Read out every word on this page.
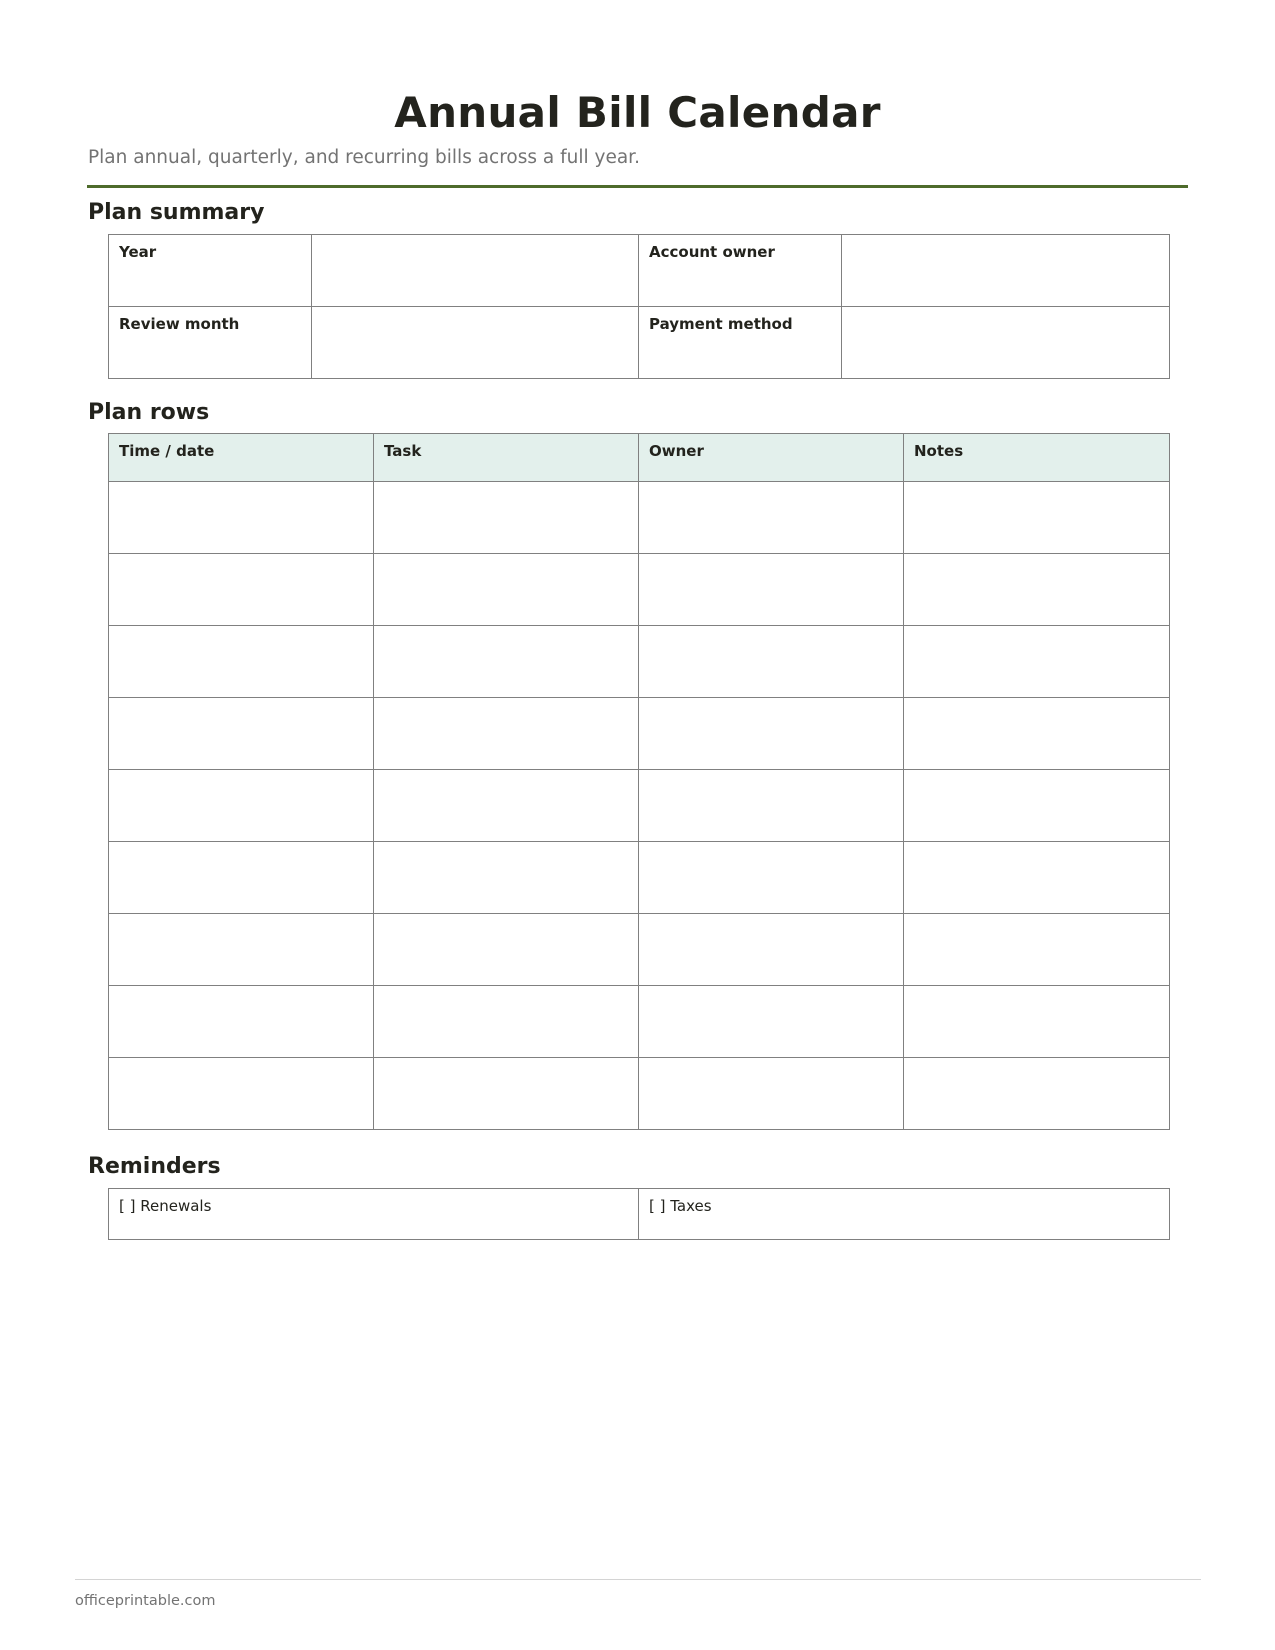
Annual Bill Calendar

Plan annual, quarterly, and recurring bills across a full year.

Plan summary
Year		Account owner	

Review month		Payment method	

Plan rows
Time / date	Task	Owner	Notes

Reminders
[ ] Renewals	[ ] Taxes

officeprintable.com
